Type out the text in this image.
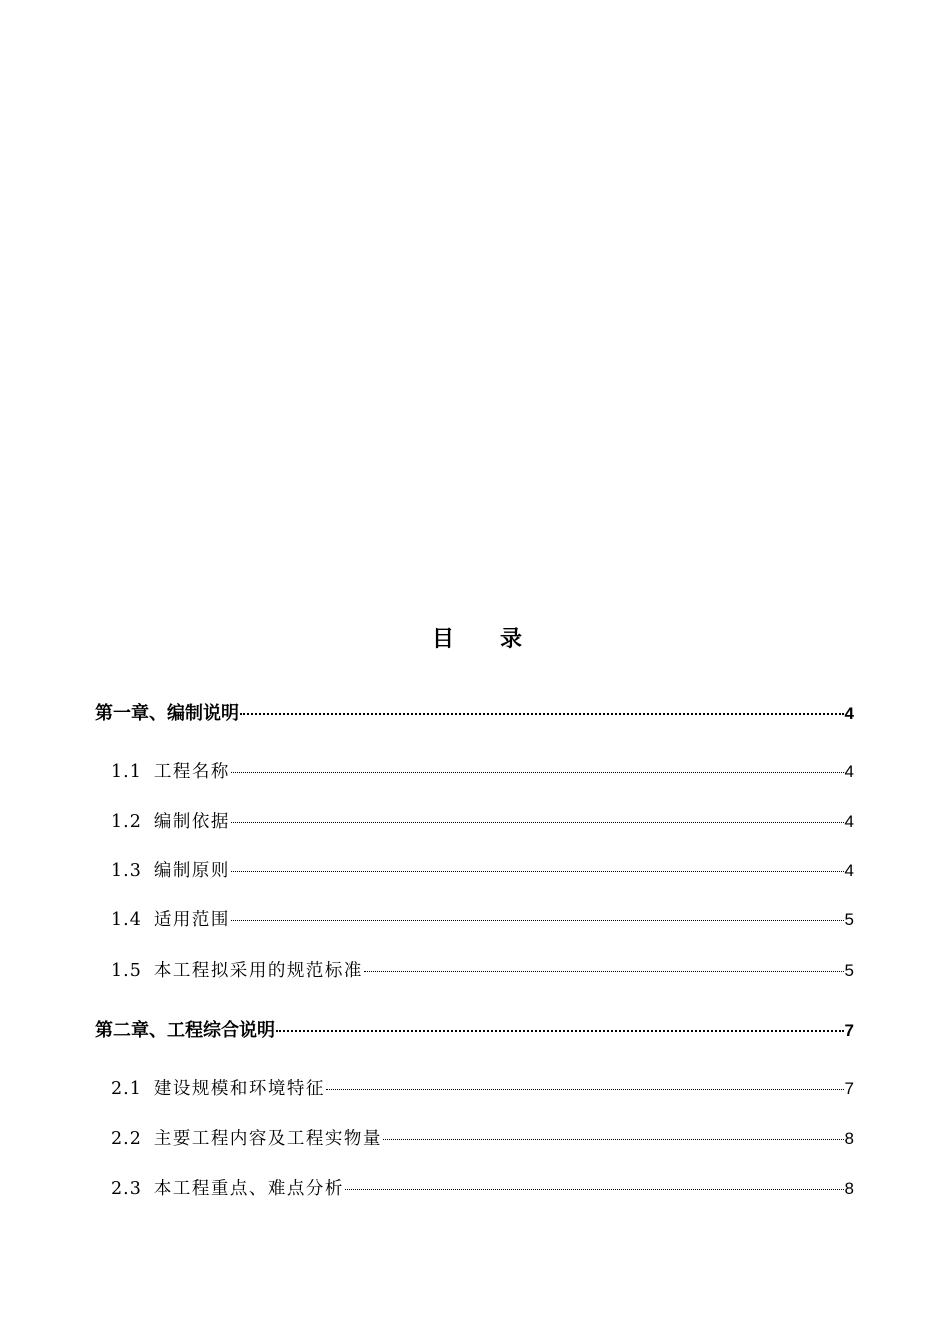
目录
第一章、编制说明	4
1.1 工程名称	4
1.2 编制依据	4
1.3 编制原则	4
1.4 适用范围	5
1.5 本工程拟采用的规范标准	5
第二章、工程综合说明	7
2.1 建设规模和环境特征	7
2.2 主要工程内容及工程实物量	8
2.3 本工程重点、难点分析	8
